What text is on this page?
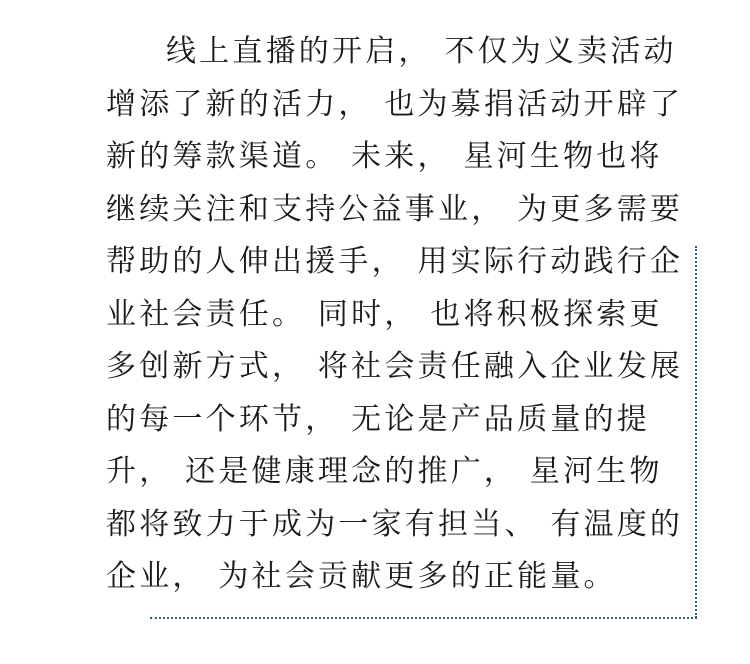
线上直播的开启， 不仅为义卖活动
增添了新的活力， 也为募捐活动开辟了
新的筹款渠道。 未来， 星河生物也将
继续关注和支持公益事业， 为更多需要
帮助的人伸出援手， 用实际行动践行企
业社会责任。 同时， 也将积极探索更
多创新方式， 将社会责任融入企业发展
的每一个环节， 无论是产品质量的提
升， 还是健康理念的推广， 星河生物
都将致力于成为一家有担当、 有温度的
企业， 为社会贡献更多的正能量。
